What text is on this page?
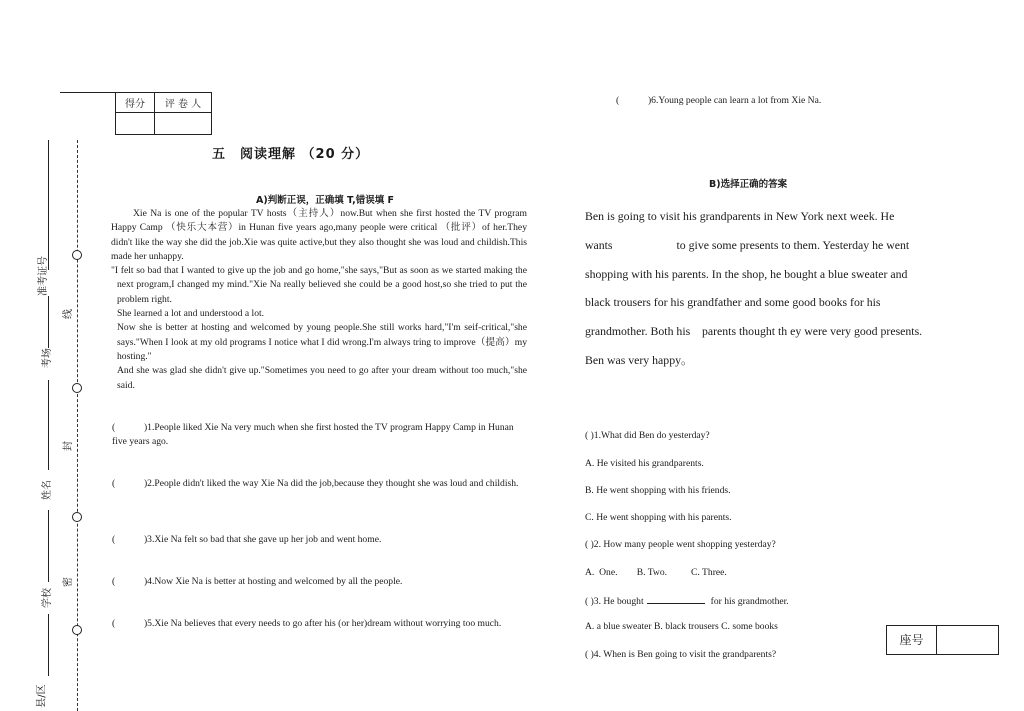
准考证号
考场
姓名
学校
县/区
线
封
密
得分	评 卷 人

五　阅读理解 （20 分）
A)判断正误，正确填 T,错误填 F

Xie Na is one of the popular TV hosts（主持人）now.But when she first hosted the TV program Happy Camp （快乐大本营）in Hunan five years ago,many people were critical （批评）of her.They didn't like the way she did the job.Xie was quite active,but they also thought she was loud and childish.This made her unhappy.

"I felt so bad that I wanted to give up the job and go home,"she says,"But as soon as we started making the next program,I changed my mind."Xie Na really believed she could be a good host,so she tried to put the problem right.

She learned a lot and understood a lot.

Now she is better at hosting and welcomed by young people.She still works hard,"I'm seif-critical,"she says."When I look at my old programs I notice what I did wrong.I'm always tring to improve（提高）my hosting."

And she was glad she didn't give up."Sometimes you need to go after your dream without too much,"she said.

(　　　)1.People liked Xie Na very much when she first hosted the TV program Happy Camp in Hunan five years ago.
(　　　)2.People didn't liked the way Xie Na did the job,because they thought she was loud and childish.
(　　　)3.Xie Na felt so bad that she gave up her job and went home.
(　　　)4.Now Xie Na is better at hosting and welcomed by all the people.
(　　　)5.Xie Na believes that every needs to go after his (or her)dream without worrying too much.
(　　　)6.Young people can learn a lot from Xie Na.
B)选择正确的答案
Ben is going to visit his grandparents in New York next week. He
wants	to give some presents to them. Yesterday he went
shopping with his parents. In the shop, he bought a blue sweater and
black trousers for his grandfather and some good books for his
grandmother. Both his　parents thought th ey were very good presents.
Ben was very happy。
( )1.What did Ben do yesterday?
A. He visited his grandparents.
B. He went shopping with his friends.
C. He went shopping with his parents.
( )2. How many people went shopping yesterday?
A.  One.        B. Two.          C. Three.
( )3. He bought	for his grandmother.
A. a blue sweater B. black trousers C. some books
( )4. When is Ben going to visit the grandparents?
座号
